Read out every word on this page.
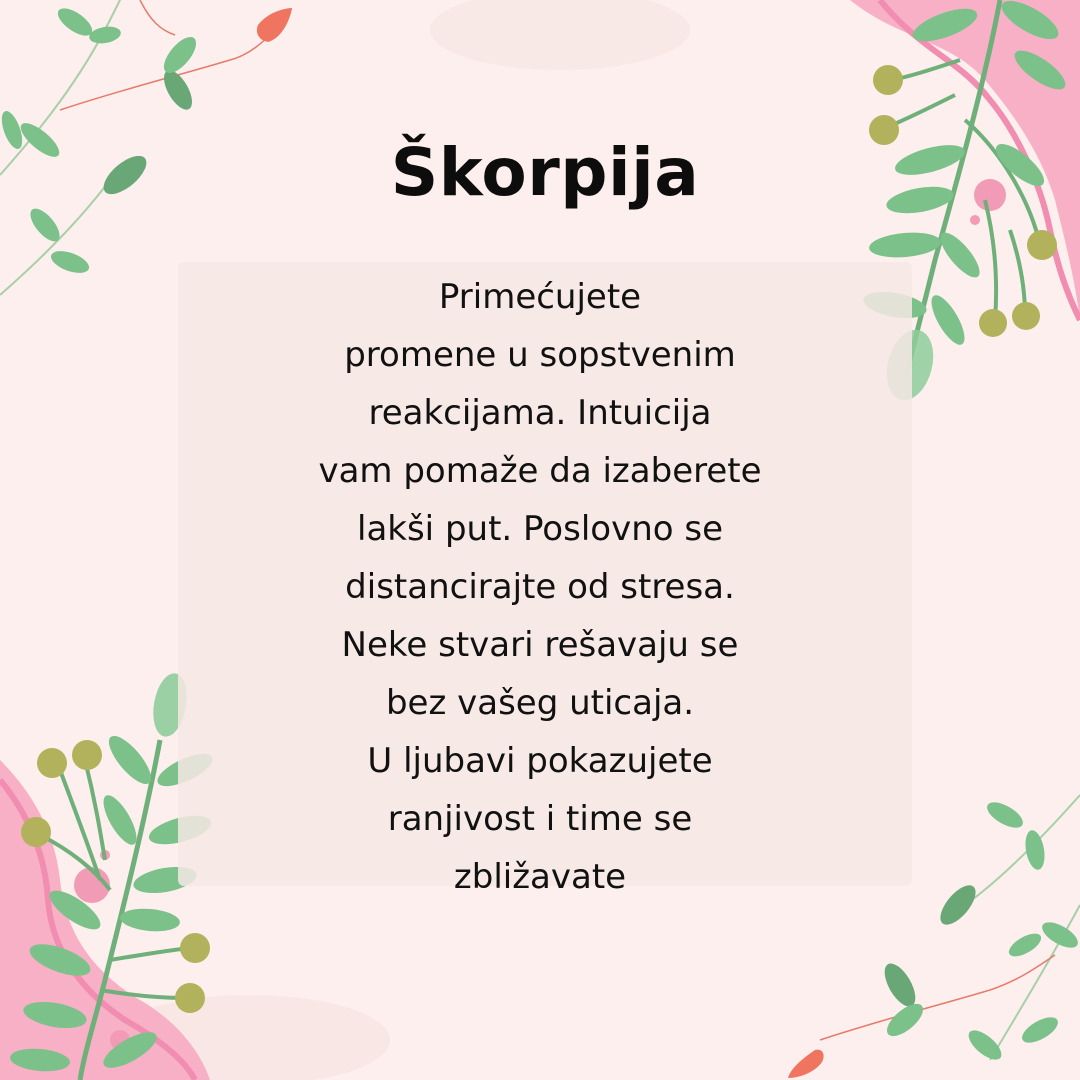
Škorpija
Primećujete
promene u sopstvenim
reakcijama. Intuicija
vam pomaže da izaberete
lakši put. Poslovno se
distancirajte od stresa.
Neke stvari rešavaju se
bez vašeg uticaja.
U ljubavi pokazujete
ranjivost i time se
zbližavate
